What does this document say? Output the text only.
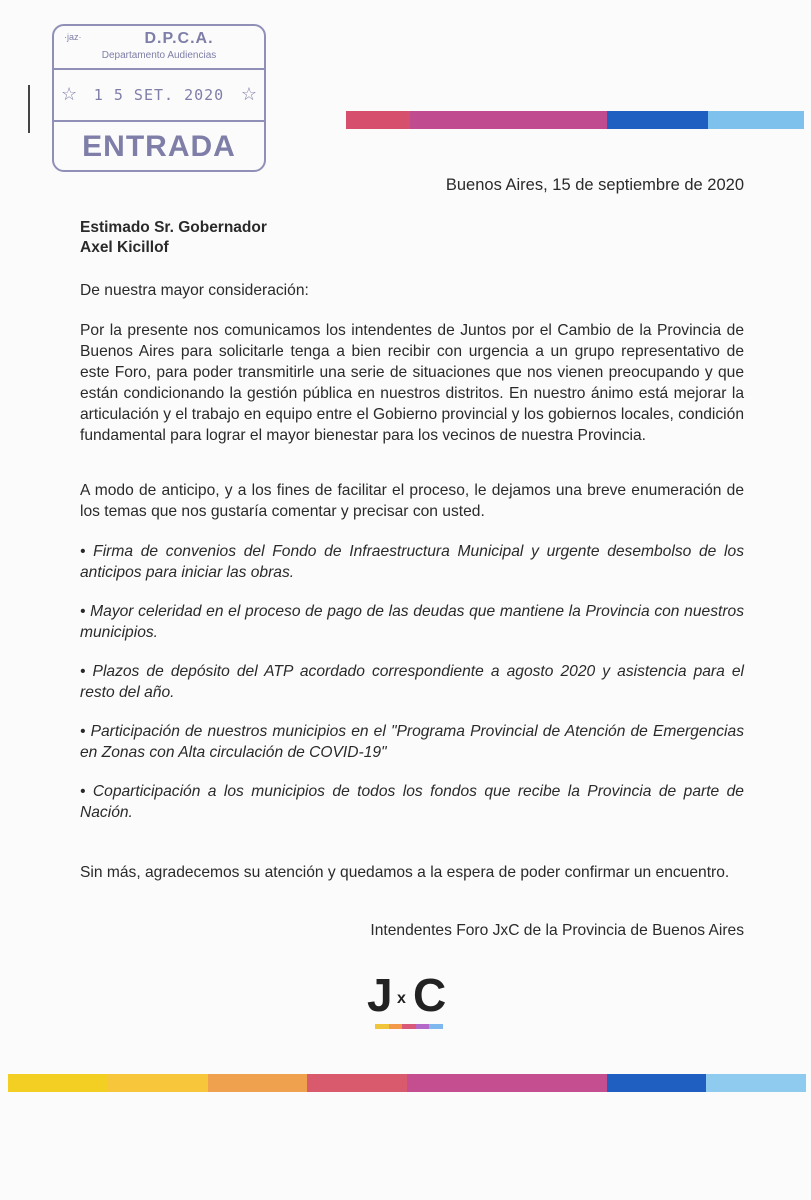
·jaz·	D.P.C.A.
Departamento Audiencias
☆	1 5 SET. 2020 ☆
ENTRADA
Buenos Aires, 15 de septiembre de 2020
Estimado Sr. Gobernador
Axel Kicillof
De nuestra mayor consideración:
Por la presente nos comunicamos los intendentes de Juntos por el Cambio de la Provincia de Buenos Aires para solicitarle tenga a bien recibir con urgencia a un grupo representativo de este Foro, para poder transmitirle una serie de situaciones que nos vienen preocupando y que están condicionando la gestión pública en nuestros distritos. En nuestro ánimo está mejorar la articulación y el trabajo en equipo entre el Gobierno provincial y los gobiernos locales, condición fundamental para lograr el mayor bienestar para los vecinos de nuestra Provincia.
A modo de anticipo, y a los fines de facilitar el proceso, le dejamos una breve enumeración de los temas que nos gustaría comentar y precisar con usted.
• Firma de convenios del Fondo de Infraestructura Municipal y urgente desembolso de los anticipos para iniciar las obras.
• Mayor celeridad en el proceso de pago de las deudas que mantiene la Provincia con nuestros municipios.
• Plazos de depósito del ATP acordado correspondiente a agosto 2020 y asistencia para el resto del año.
• Participación de nuestros municipios en el "Programa Provincial de Atención de Emergencias en Zonas con Alta circulación de COVID-19"
• Coparticipación a los municipios de todos los fondos que recibe la Provincia de parte de Nación.
Sin más, agradecemos su atención y quedamos a la espera de poder confirmar un encuentro.
Intendentes Foro JxC de la Provincia de Buenos Aires
J x C
